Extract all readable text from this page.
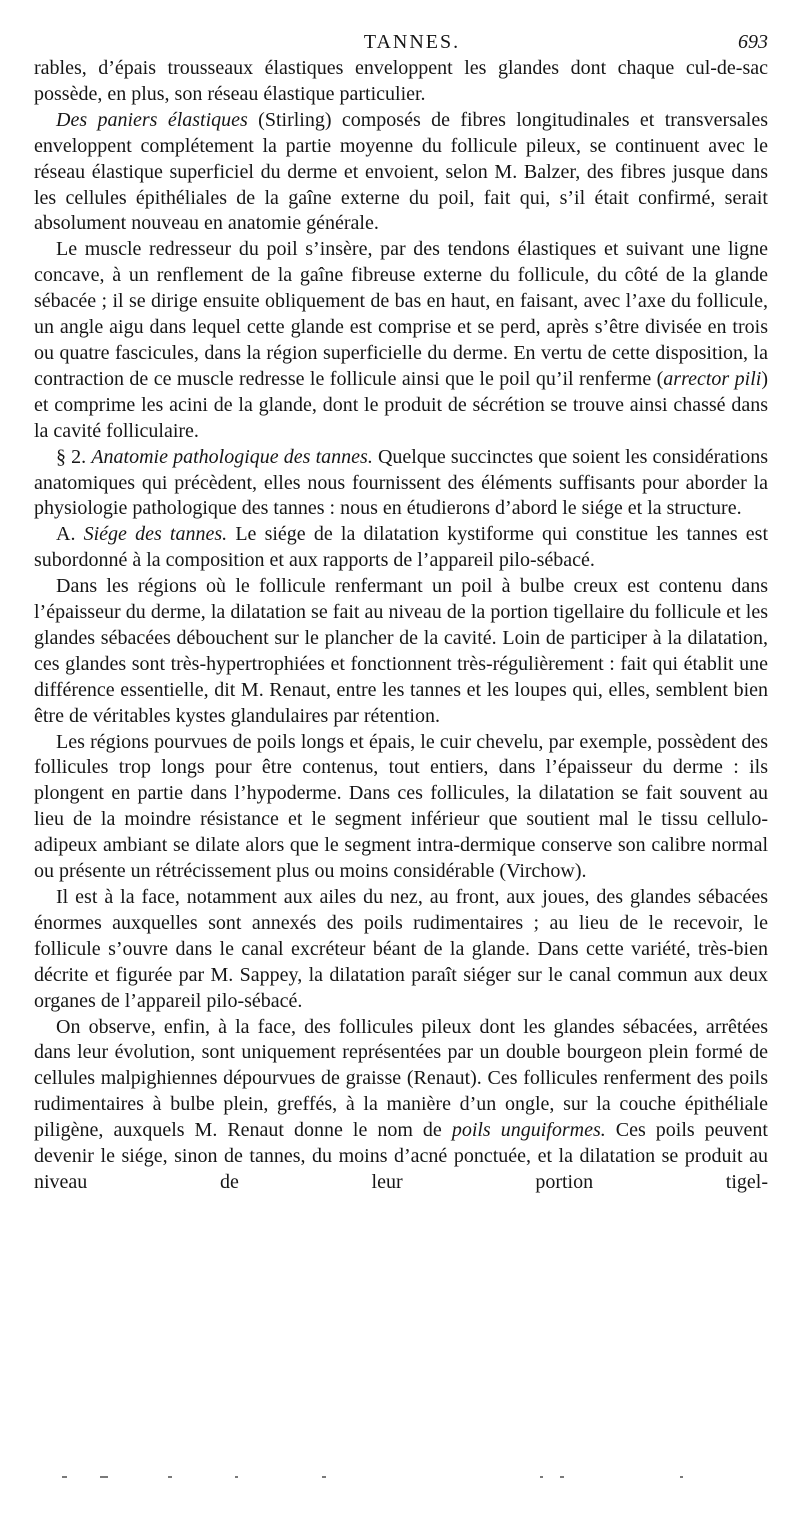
TANNES.	693

rables, d’épais trousseaux élastiques enveloppent les glandes dont chaque cul-de-sac possède, en plus, son réseau élastique particulier.

Des paniers élastiques (Stirling) composés de fibres longitudinales et transversales enveloppent complétement la partie moyenne du follicule pileux, se continuent avec le réseau élastique superficiel du derme et envoient, selon M. Balzer, des fibres jusque dans les cellules épithéliales de la gaîne externe du poil, fait qui, s’il était confirmé, serait absolument nouveau en anatomie générale.

Le muscle redresseur du poil s’insère, par des tendons élastiques et suivant une ligne concave, à un renflement de la gaîne fibreuse externe du follicule, du côté de la glande sébacée ; il se dirige ensuite obliquement de bas en haut, en faisant, avec l’axe du follicule, un angle aigu dans lequel cette glande est comprise et se perd, après s’être divisée en trois ou quatre fascicules, dans la région superficielle du derme. En vertu de cette disposition, la contraction de ce muscle redresse le follicule ainsi que le poil qu’il renferme (arrector pili) et comprime les acini de la glande, dont le produit de sécrétion se trouve ainsi chassé dans la cavité folliculaire.

§ 2. Anatomie pathologique des tannes. Quelque succinctes que soient les considérations anatomiques qui précèdent, elles nous fournissent des éléments suffisants pour aborder la physiologie pathologique des tannes : nous en étudierons d’abord le siége et la structure.

A. Siége des tannes. Le siége de la dilatation kystiforme qui constitue les tannes est subordonné à la composition et aux rapports de l’appareil pilo-sébacé.

Dans les régions où le follicule renfermant un poil à bulbe creux est contenu dans l’épaisseur du derme, la dilatation se fait au niveau de la portion tigellaire du follicule et les glandes sébacées débouchent sur le plancher de la cavité. Loin de participer à la dilatation, ces glandes sont très-hypertrophiées et fonctionnent très-régulièrement : fait qui établit une différence essentielle, dit M. Renaut, entre les tannes et les loupes qui, elles, semblent bien être de véritables kystes glandulaires par rétention.

Les régions pourvues de poils longs et épais, le cuir chevelu, par exemple, possèdent des follicules trop longs pour être contenus, tout entiers, dans l’épaisseur du derme : ils plongent en partie dans l’hypoderme. Dans ces follicules, la dilatation se fait souvent au lieu de la moindre résistance et le segment inférieur que soutient mal le tissu cellulo-adipeux ambiant se dilate alors que le segment intra-dermique conserve son calibre normal ou présente un rétrécissement plus ou moins considérable (Virchow).

Il est à la face, notamment aux ailes du nez, au front, aux joues, des glandes sébacées énormes auxquelles sont annexés des poils rudimentaires ; au lieu de le recevoir, le follicule s’ouvre dans le canal excréteur béant de la glande. Dans cette variété, très-bien décrite et figurée par M. Sappey, la dilatation paraît siéger sur le canal commun aux deux organes de l’appareil pilo-sébacé.

On observe, enfin, à la face, des follicules pileux dont les glandes sébacées, arrêtées dans leur évolution, sont uniquement représentées par un double bourgeon plein formé de cellules malpighiennes dépourvues de graisse (Renaut). Ces follicules renferment des poils rudimentaires à bulbe plein, greffés, à la manière d’un ongle, sur la couche épithéliale piligène, auxquels M. Renaut donne le nom de poils unguiformes. Ces poils peuvent devenir le siége, sinon de tannes, du moins d’acné ponctuée, et la dilatation se produit au niveau de leur portion tigel-
